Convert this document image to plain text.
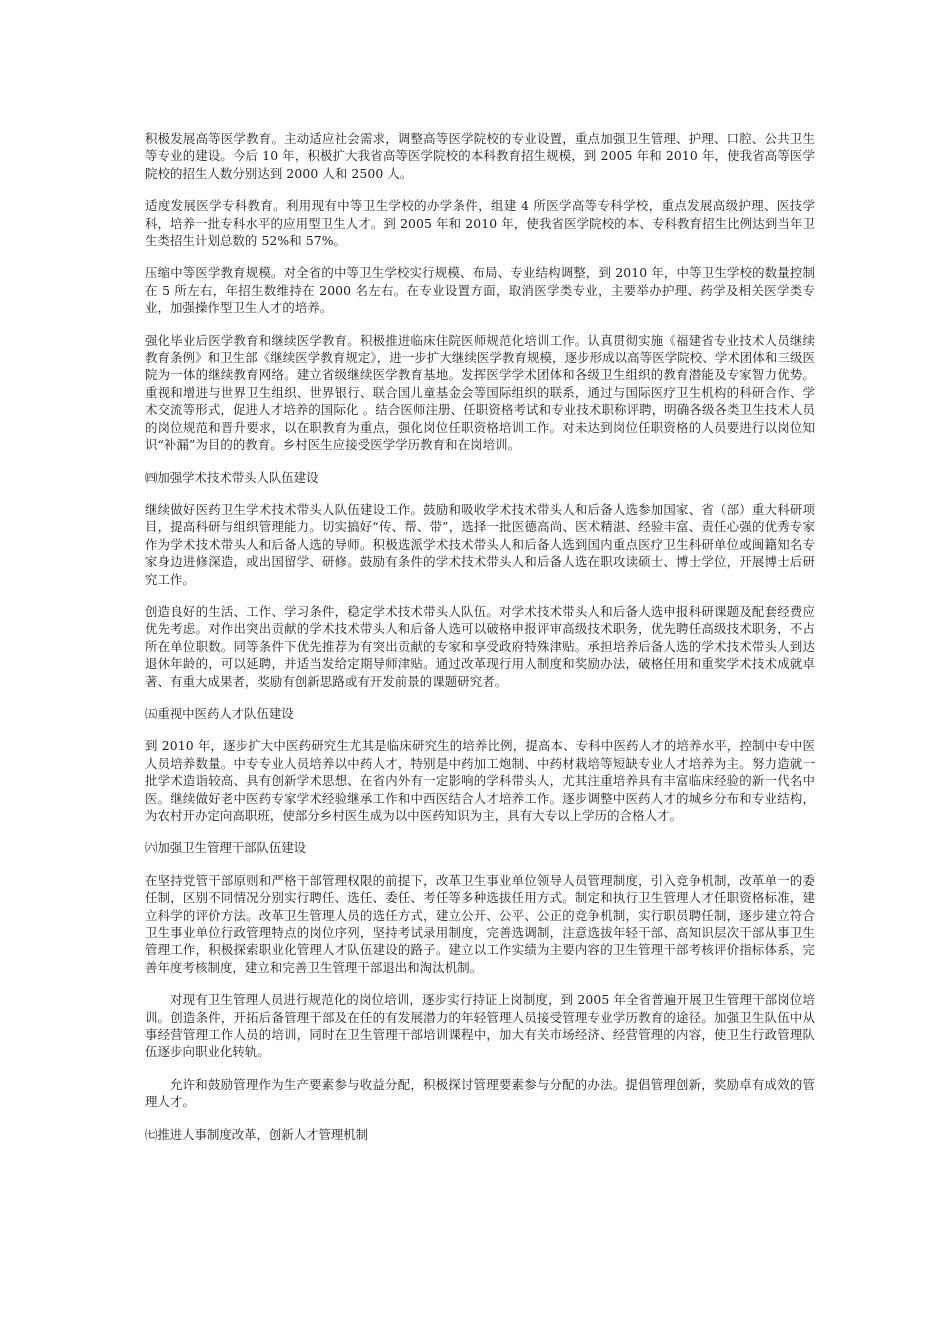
积极发展高等医学教育。主动适应社会需求，调整高等医学院校的专业设置，重点加强卫生管理、护理、口腔、公共卫生等专业的建设。今后 10 年，积极扩大我省高等医学院校的本科教育招生规模，到 2005 年和 2010 年，使我省高等医学院校的招生人数分别达到 2000 人和 2500 人。

适度发展医学专科教育。利用现有中等卫生学校的办学条件，组建 4 所医学高等专科学校，重点发展高级护理、医技学科，培养一批专科水平的应用型卫生人才。到 2005 年和 2010 年，使我省医学院校的本、专科教育招生比例达到当年卫生类招生计划总数的 52%和 57%。

压缩中等医学教育规模。对全省的中等卫生学校实行规模、布局、专业结构调整，到 2010 年，中等卫生学校的数量控制在 5 所左右，年招生数维持在 2000 名左右。在专业设置方面，取消医学类专业，主要举办护理、药学及相关医学类专业，加强操作型卫生人才的培养。

强化毕业后医学教育和继续医学教育。积极推进临床住院医师规范化培训工作。认真贯彻实施《福建省专业技术人员继续教育条例》和卫生部《继续医学教育规定》，进一步扩大继续医学教育规模，逐步形成以高等医学院校、学术团体和三级医院为一体的继续教育网络。建立省级继续医学教育基地。发挥医学学术团体和各级卫生组织的教育潜能及专家智力优势。重视和增进与世界卫生组织、世界银行、联合国儿童基金会等国际组织的联系，通过与国际医疗卫生机构的科研合作、学术交流等形式，促进人才培养的国际化 。结合医师注册、任职资格考试和专业技术职称评聘，明确各级各类卫生技术人员的岗位规范和晋升要求，以在职教育为重点，强化岗位任职资格培训工作。对未达到岗位任职资格的人员要进行以岗位知识“补漏”为目的的教育。乡村医生应接受医学学历教育和在岗培训。

㈣加强学术技术带头人队伍建设

继续做好医药卫生学术技术带头人队伍建设工作。鼓励和吸收学术技术带头人和后备人选参加国家、省（部）重大科研项目，提高科研与组织管理能力。切实搞好“传、帮、带”，选择一批医德高尚、医术精湛、经验丰富、责任心强的优秀专家作为学术技术带头人和后备人选的导师。积极选派学术技术带头人和后备人选到国内重点医疗卫生科研单位或闽籍知名专家身边进修深造，或出国留学、研修。鼓励有条件的学术技术带头人和后备人选在职攻读硕士、博士学位，开展博士后研究工作。

创造良好的生活、工作、学习条件，稳定学术技术带头人队伍。对学术技术带头人和后备人选申报科研课题及配套经费应优先考虑。对作出突出贡献的学术技术带头人和后备人选可以破格申报评审高级技术职务，优先聘任高级技术职务，不占所在单位职数。同等条件下优先推荐为有突出贡献的专家和享受政府特殊津贴。承担培养后备人选的学术技术带头人到达退休年龄的，可以延聘，并适当发给定期导师津贴。通过改革现行用人制度和奖励办法，破格任用和重奖学术技术成就卓著、有重大成果者，奖励有创新思路或有开发前景的课题研究者。

㈤重视中医药人才队伍建设

到 2010 年，逐步扩大中医药研究生尤其是临床研究生的培养比例，提高本、专科中医药人才的培养水平，控制中专中医人员培养数量。中专专业人员培养以中药人才，特别是中药加工炮制、中药材栽培等短缺专业人才培养为主。努力造就一批学术造诣较高、具有创新学术思想、在省内外有一定影响的学科带头人，尤其注重培养具有丰富临床经验的新一代名中医。继续做好老中医药专家学术经验继承工作和中西医结合人才培养工作。逐步调整中医药人才的城乡分布和专业结构，为农村开办定向高职班，使部分乡村医生成为以中医药知识为主，具有大专以上学历的合格人才。

㈥加强卫生管理干部队伍建设

在坚持党管干部原则和严格干部管理权限的前提下，改革卫生事业单位领导人员管理制度，引入竞争机制，改革单一的委任制，区别不同情况分别实行聘任、选任、委任、考任等多种选拔任用方式。制定和执行卫生管理人才任职资格标准，建立科学的评价方法。改革卫生管理人员的选任方式，建立公开、公平、公正的竞争机制，实行职员聘任制，逐步建立符合卫生事业单位行政管理特点的岗位序列，坚持考试录用制度，完善选调制，注意选拔年轻干部、高知识层次干部从事卫生管理工作，积极探索职业化管理人才队伍建设的路子。建立以工作实绩为主要内容的卫生管理干部考核评价指标体系，完善年度考核制度，建立和完善卫生管理干部退出和淘汰机制。

对现有卫生管理人员进行规范化的岗位培训，逐步实行持证上岗制度，到 2005 年全省普遍开展卫生管理干部岗位培训。创造条件，开拓后备管理干部及在任的有发展潜力的年轻管理人员接受管理专业学历教育的途径。加强卫生队伍中从事经营管理工作人员的培训，同时在卫生管理干部培训课程中，加大有关市场经济、经营管理的内容，使卫生行政管理队伍逐步向职业化转轨。

允许和鼓励管理作为生产要素参与收益分配，积极探讨管理要素参与分配的办法。提倡管理创新，奖励卓有成效的管理人才。

㈦推进人事制度改革，创新人才管理机制
